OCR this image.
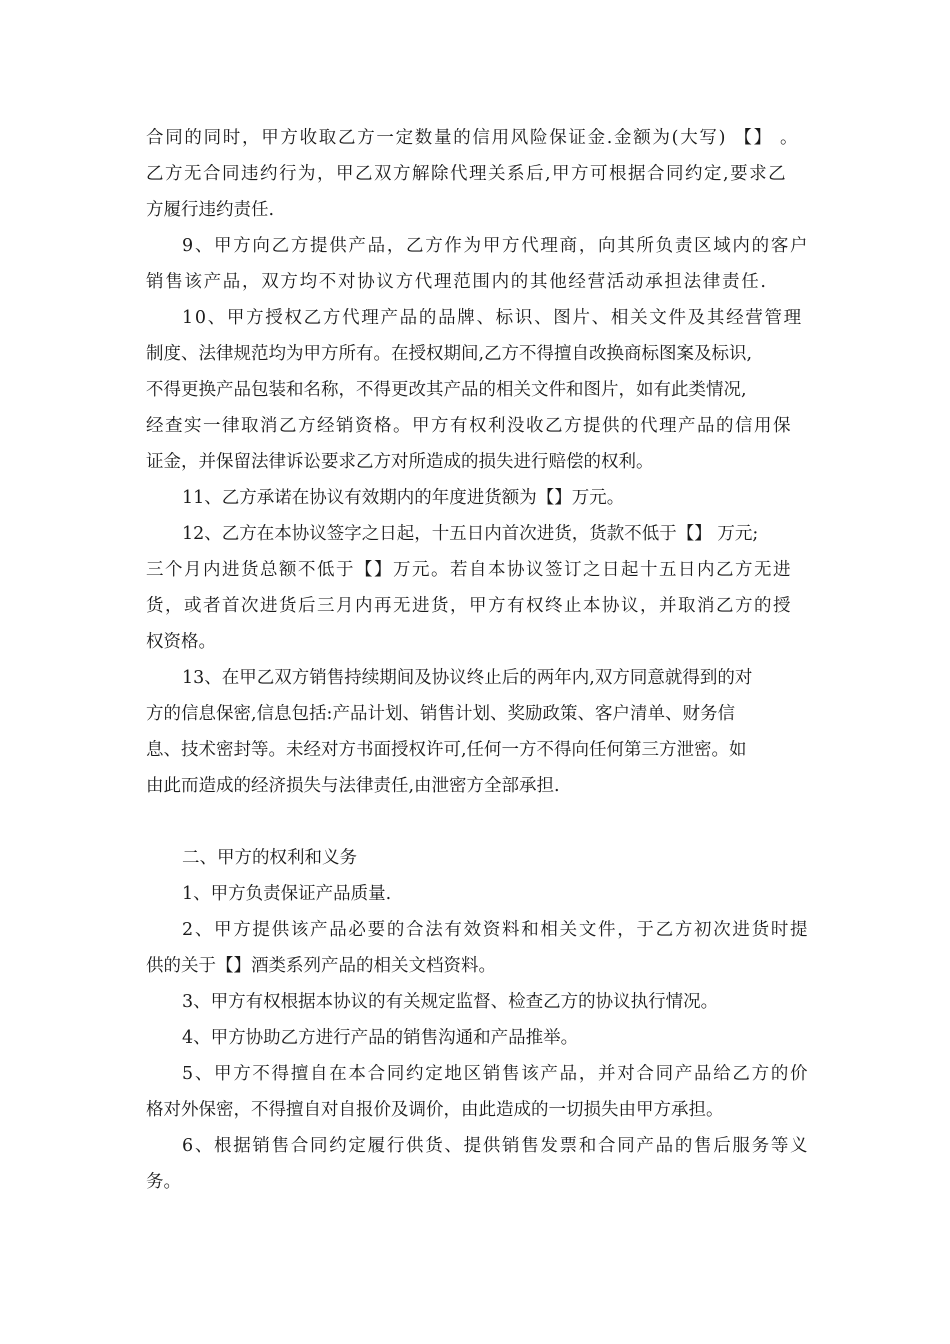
合同的同时，甲方收取乙方一定数量的信用风险保证金.金额为(大写) 【】 。
乙方无合同违约行为，甲乙双方解除代理关系后,甲方可根据合同约定,要求乙
方履行违约责任.
9、甲方向乙方提供产品，乙方作为甲方代理商，向其所负责区域内的客户
销售该产品，双方均不对协议方代理范围内的其他经营活动承担法律责任.
10、甲方授权乙方代理产品的品牌、标识、图片、相关文件及其经营管理
制度、法律规范均为甲方所有。在授权期间,乙方不得擅自改换商标图案及标识,
不得更换产品包装和名称，不得更改其产品的相关文件和图片，如有此类情况,
经查实一律取消乙方经销资格。甲方有权利没收乙方提供的代理产品的信用保
证金，并保留法律诉讼要求乙方对所造成的损失进行赔偿的权利。
11、乙方承诺在协议有效期内的年度进货额为【】万元。
12、乙方在本协议签字之日起，十五日内首次进货，货款不低于【】 万元;
三个月内进货总额不低于【】万元。若自本协议签订之日起十五日内乙方无进
货，或者首次进货后三月内再无进货，甲方有权终止本协议，并取消乙方的授
权资格。
13、在甲乙双方销售持续期间及协议终止后的两年内,双方同意就得到的对
方的信息保密,信息包括:产品计划、销售计划、奖励政策、客户清单、财务信
息、技术密封等。未经对方书面授权许可,任何一方不得向任何第三方泄密。如
由此而造成的经济损失与法律责任,由泄密方全部承担.
二、甲方的权利和义务
1、甲方负责保证产品质量.
2、甲方提供该产品必要的合法有效资料和相关文件，于乙方初次进货时提
供的关于【】酒类系列产品的相关文档资料。
3、甲方有权根据本协议的有关规定监督、检查乙方的协议执行情况。
4、甲方协助乙方进行产品的销售沟通和产品推举。
5、甲方不得擅自在本合同约定地区销售该产品，并对合同产品给乙方的价
格对外保密，不得擅自对自报价及调价，由此造成的一切损失由甲方承担。
6、根据销售合同约定履行供货、提供销售发票和合同产品的售后服务等义
务。
